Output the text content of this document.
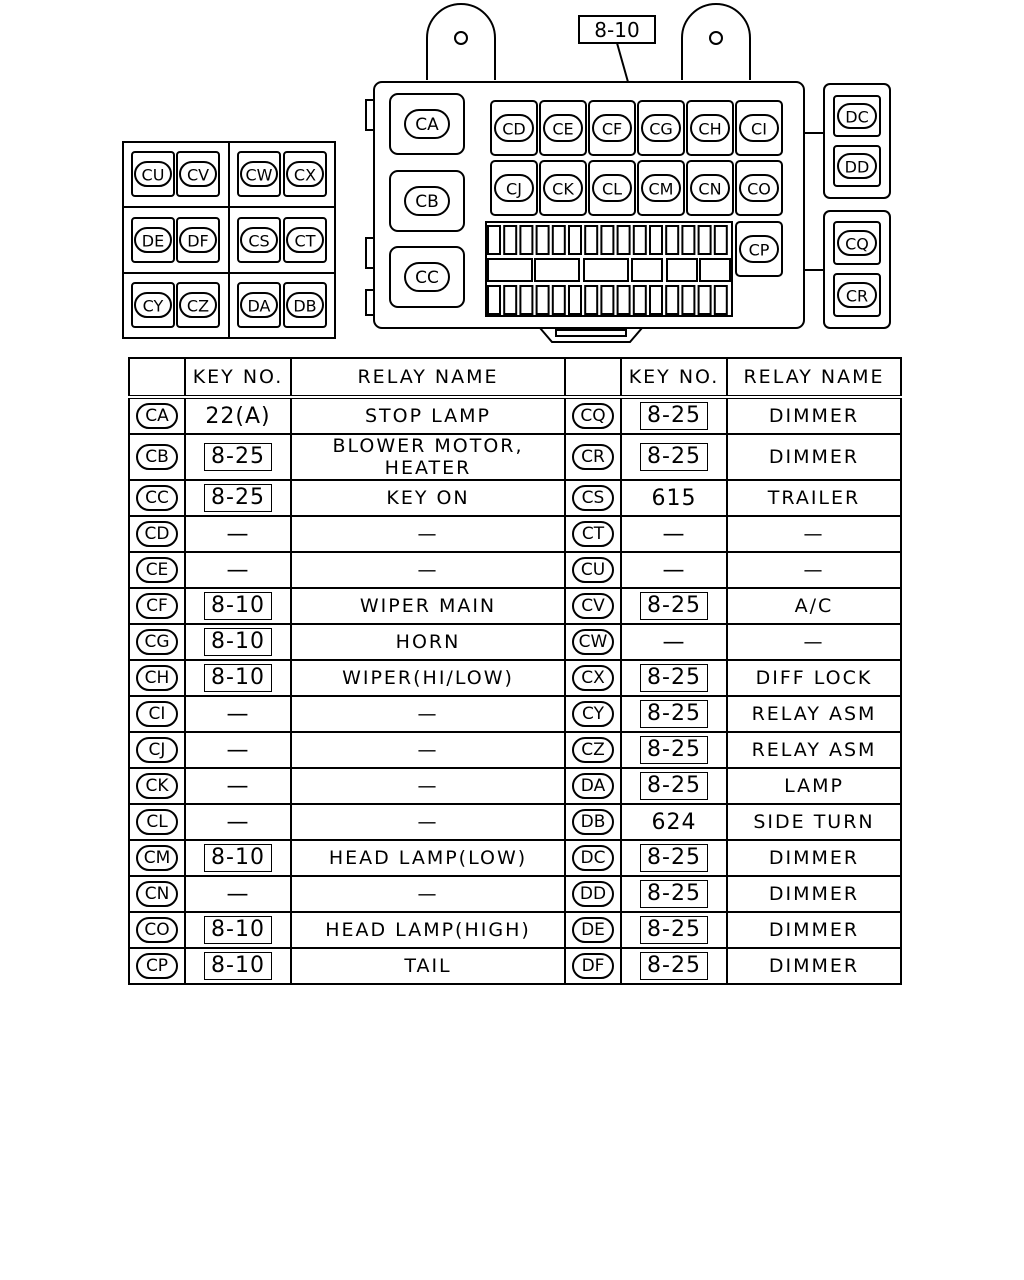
8-10
CA
CB
CC
CD CE CF CG CH CI
CJ CK CL CM CN CO
CP
CU CV CW CX
DE DF CS CT
CY CZ DA DB
DC
DD
CQ
CR
	KEY NO.	RELAY NAME		KEY NO.	RELAY NAME
CA	22(A)	STOP LAMP	CQ	8-25	DIMMER
CB	8-25	BLOWER MOTOR, HEATER	CR	8-25	DIMMER
CC	8-25	KEY ON	CS	615	TRAILER
CD	—	—	CT	—	—
CE	—	—	CU	—	—
CF	8-10	WIPER MAIN	CV	8-25	A/C
CG	8-10	HORN	CW	—	—
CH	8-10	WIPER(HI/LOW)	CX	8-25	DIFF LOCK
CI	—	—	CY	8-25	RELAY ASM
CJ	—	—	CZ	8-25	RELAY ASM
CK	—	—	DA	8-25	LAMP
CL	—	—	DB	624	SIDE TURN
CM	8-10	HEAD LAMP(LOW)	DC	8-25	DIMMER
CN	—	—	DD	8-25	DIMMER
CO	8-10	HEAD LAMP(HIGH)	DE	8-25	DIMMER
CP	8-10	TAIL	DF	8-25	DIMMER
